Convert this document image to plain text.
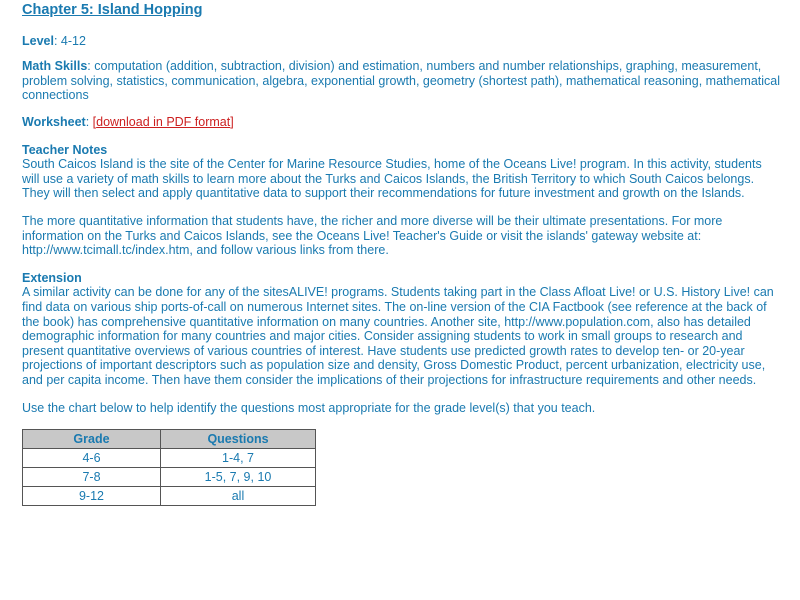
Chapter 5: Island Hopping

Level: 4-12

Math Skills: computation (addition, subtraction, division) and estimation, numbers and number relationships, graphing, measurement, problem solving, statistics, communication, algebra, exponential growth, geometry (shortest path), mathematical reasoning, mathematical connections

Worksheet: [download in PDF format]

Teacher Notes

South Caicos Island is the site of the Center for Marine Resource Studies, home of the Oceans Live! program. In this activity, students will use a variety of math skills to learn more about the Turks and Caicos Islands, the British Territory to which South Caicos belongs. They will then select and apply quantitative data to support their recommendations for future investment and growth on the Islands.

The more quantitative information that students have, the richer and more diverse will be their ultimate presentations. For more information on the Turks and Caicos Islands, see the Oceans Live! Teacher's Guide or visit the islands' gateway website at: http://www.tcimall.tc/index.htm, and follow various links from there.

Extension

A similar activity can be done for any of the sitesALIVE! programs. Students taking part in the Class Afloat Live! or U.S. History Live! can find data on various ship ports-of-call on numerous Internet sites. The on-line version of the CIA Factbook (see reference at the back of the book) has comprehensive quantitative information on many countries. Another site, http://www.population.com, also has detailed demographic information for many countries and major cities. Consider assigning students to work in small groups to research and present quantitative overviews of various countries of interest. Have students use predicted growth rates to develop ten- or 20-year projections of important descriptors such as population size and density, Gross Domestic Product, percent urbanization, electricity use, and per capita income. Then have them consider the implications of their projections for infrastructure requirements and other needs.

Use the chart below to help identify the questions most appropriate for the grade level(s) that you teach.

Grade	Questions
4-6	1-4, 7
7-8	1-5, 7, 9, 10
9-12	all
